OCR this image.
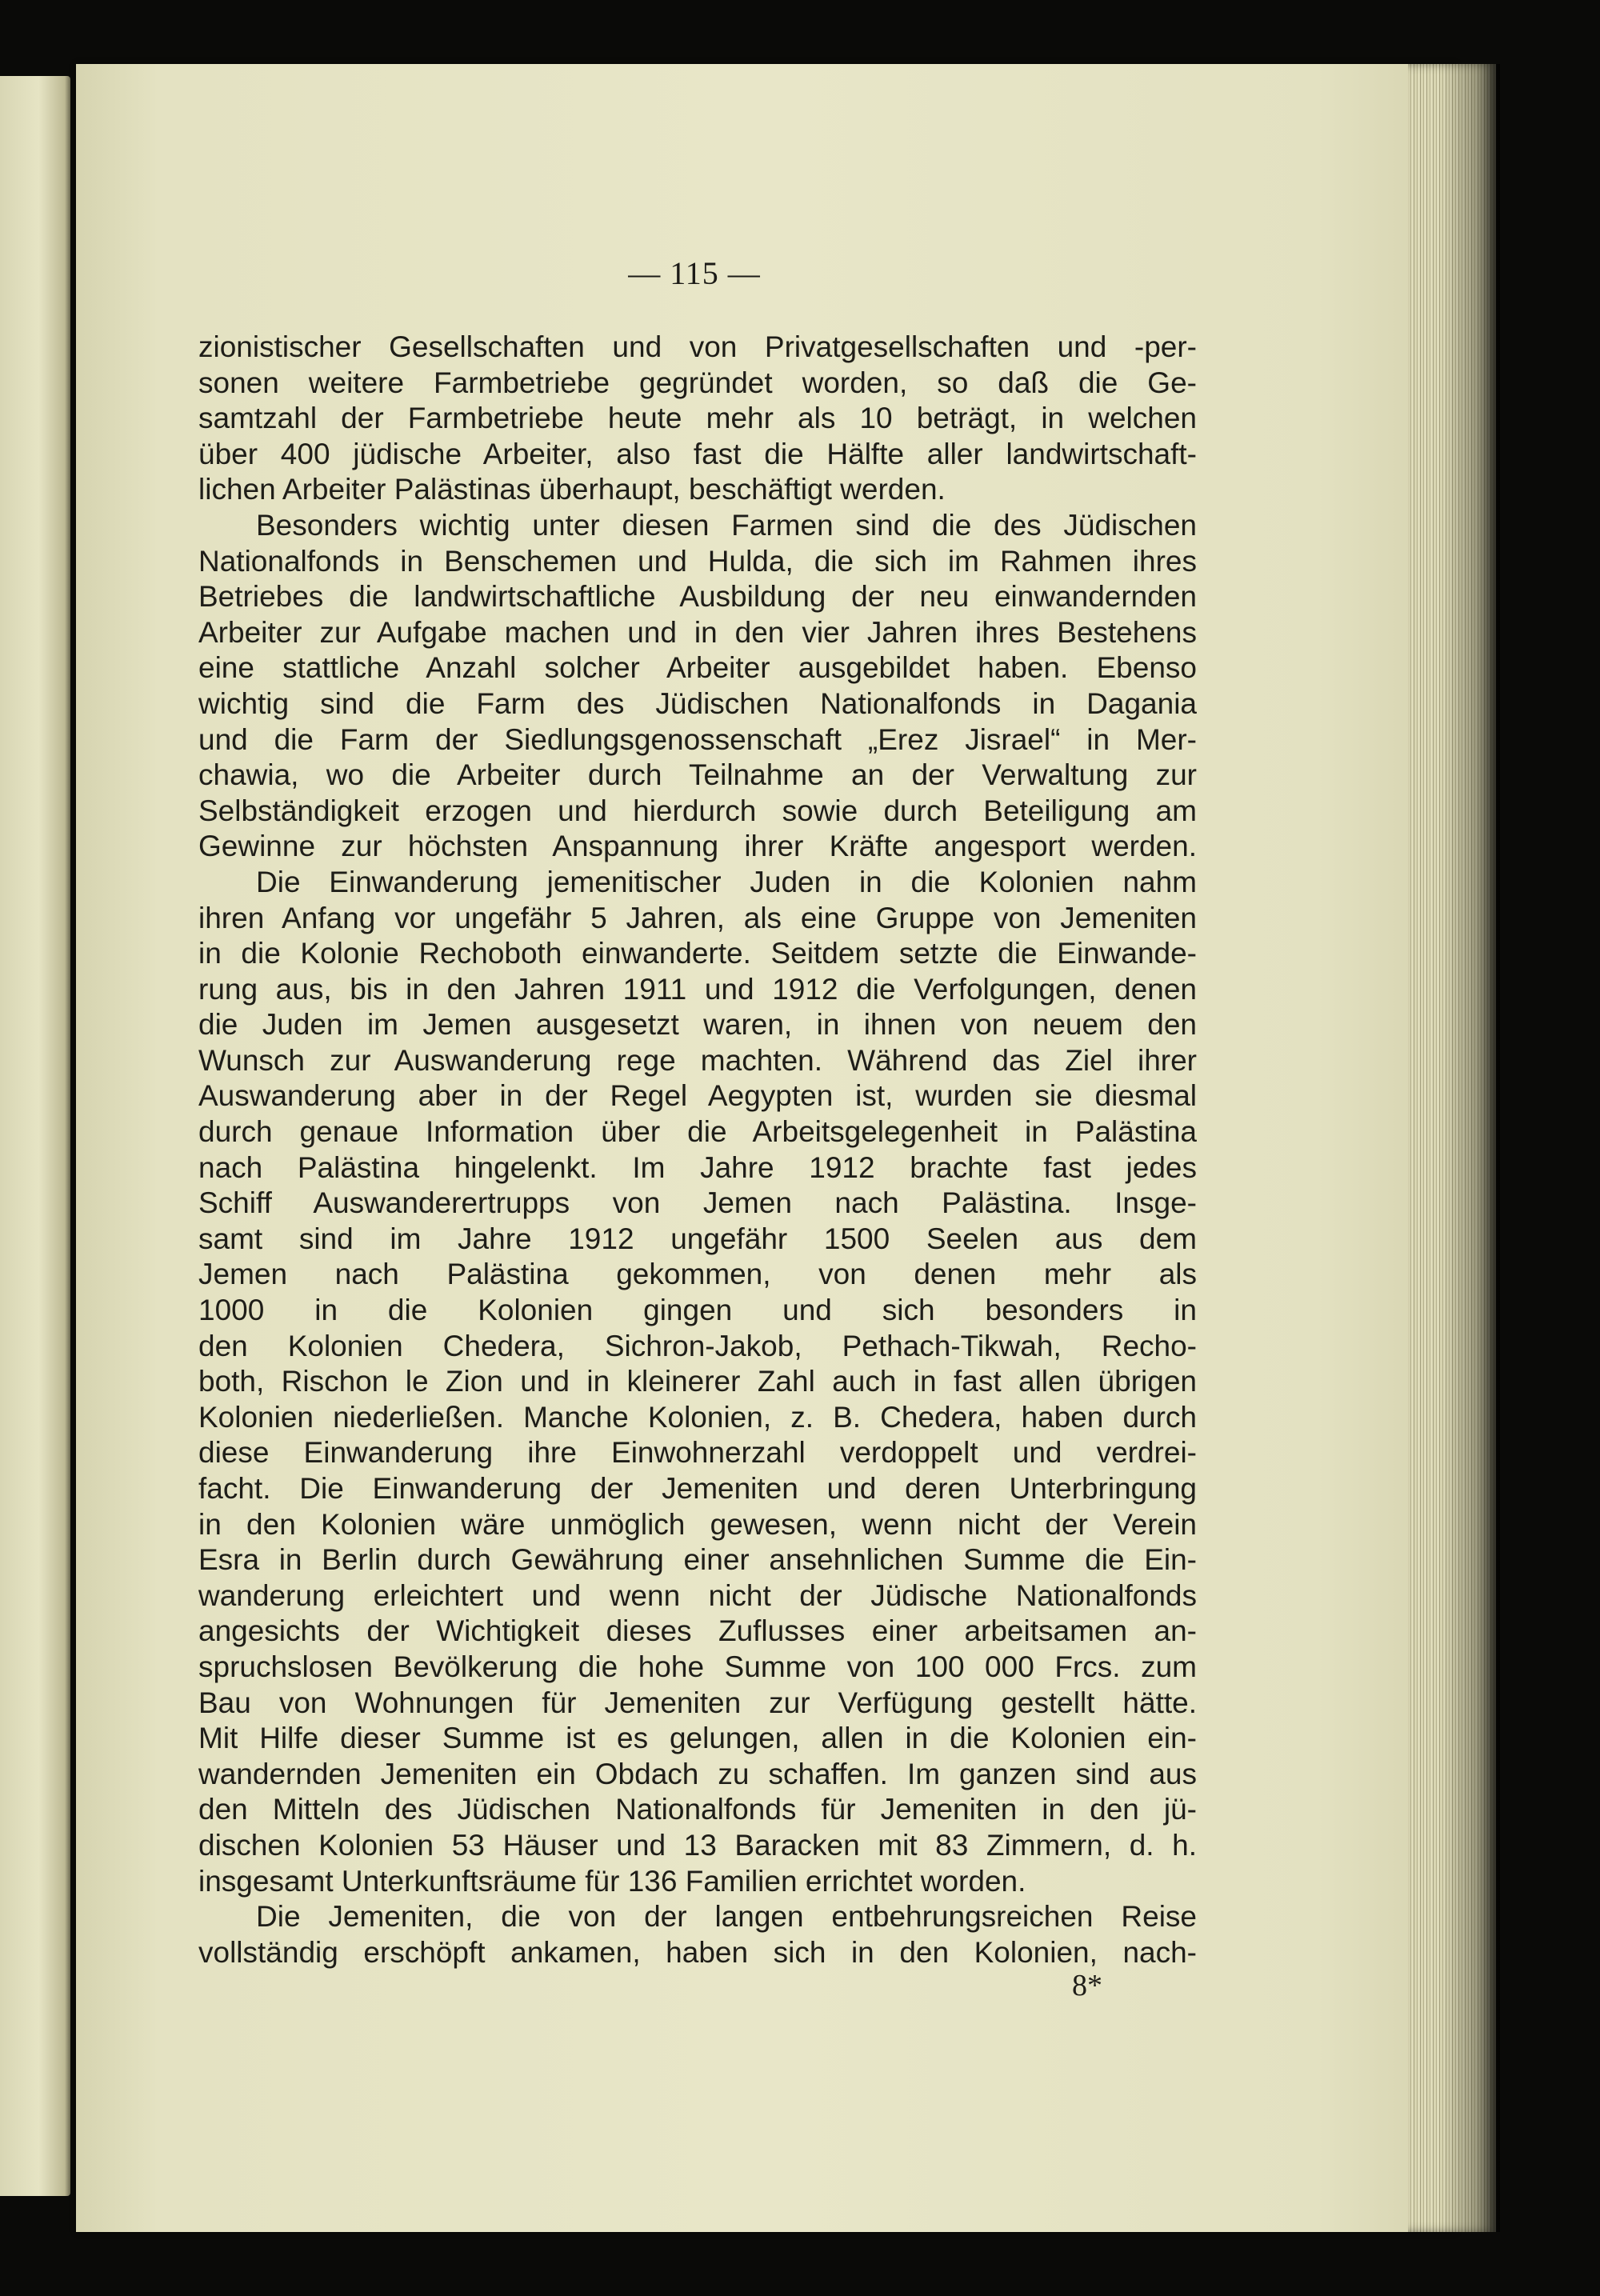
— 115 —
zionistischer Gesellschaften und von Privatgesellschaften und -per-
sonen weitere Farmbetriebe gegründet worden, so daß die Ge-
samtzahl der Farmbetriebe heute mehr als 10 beträgt, in welchen
über 400 jüdische Arbeiter, also fast die Hälfte aller landwirtschaft-
lichen Arbeiter Palästinas überhaupt, beschäftigt werden.
Besonders wichtig unter diesen Farmen sind die des Jüdischen
Nationalfonds in Benschemen und Hulda, die sich im Rahmen ihres
Betriebes die landwirtschaftliche Ausbildung der neu einwandernden
Arbeiter zur Aufgabe machen und in den vier Jahren ihres Bestehens
eine stattliche Anzahl solcher Arbeiter ausgebildet haben. Ebenso
wichtig sind die Farm des Jüdischen Nationalfonds in Dagania
und die Farm der Siedlungsgenossenschaft „Erez Jisrael“ in Mer-
chawia, wo die Arbeiter durch Teilnahme an der Verwaltung zur
Selbständigkeit erzogen und hierdurch sowie durch Beteiligung am
Gewinne zur höchsten Anspannung ihrer Kräfte angesport werden.
Die Einwanderung jemenitischer Juden in die Kolonien nahm
ihren Anfang vor ungefähr 5 Jahren, als eine Gruppe von Jemeniten
in die Kolonie Rechoboth einwanderte. Seitdem setzte die Einwande-
rung aus, bis in den Jahren 1911 und 1912 die Verfolgungen, denen
die Juden im Jemen ausgesetzt waren, in ihnen von neuem den
Wunsch zur Auswanderung rege machten. Während das Ziel ihrer
Auswanderung aber in der Regel Aegypten ist, wurden sie diesmal
durch genaue Information über die Arbeitsgelegenheit in Palästina
nach Palästina hingelenkt. Im Jahre 1912 brachte fast jedes
Schiff Auswanderertrupps von Jemen nach Palästina. Insge-
samt sind im Jahre 1912 ungefähr 1500 Seelen aus dem
Jemen nach Palästina gekommen, von denen mehr als
1000 in die Kolonien gingen und sich besonders in
den Kolonien Chedera, Sichron-Jakob, Pethach-Tikwah, Recho-
both, Rischon le Zion und in kleinerer Zahl auch in fast allen übrigen
Kolonien niederließen. Manche Kolonien, z. B. Chedera, haben durch
diese Einwanderung ihre Einwohnerzahl verdoppelt und verdrei-
facht. Die Einwanderung der Jemeniten und deren Unterbringung
in den Kolonien wäre unmöglich gewesen, wenn nicht der Verein
Esra in Berlin durch Gewährung einer ansehnlichen Summe die Ein-
wanderung erleichtert und wenn nicht der Jüdische Nationalfonds
angesichts der Wichtigkeit dieses Zuflusses einer arbeitsamen an-
spruchslosen Bevölkerung die hohe Summe von 100 000 Frcs. zum
Bau von Wohnungen für Jemeniten zur Verfügung gestellt hätte.
Mit Hilfe dieser Summe ist es gelungen, allen in die Kolonien ein-
wandernden Jemeniten ein Obdach zu schaffen. Im ganzen sind aus
den Mitteln des Jüdischen Nationalfonds für Jemeniten in den jü-
dischen Kolonien 53 Häuser und 13 Baracken mit 83 Zimmern, d. h.
insgesamt Unterkunftsräume für 136 Familien errichtet worden.
Die Jemeniten, die von der langen entbehrungsreichen Reise
vollständig erschöpft ankamen, haben sich in den Kolonien, nach-
8*
